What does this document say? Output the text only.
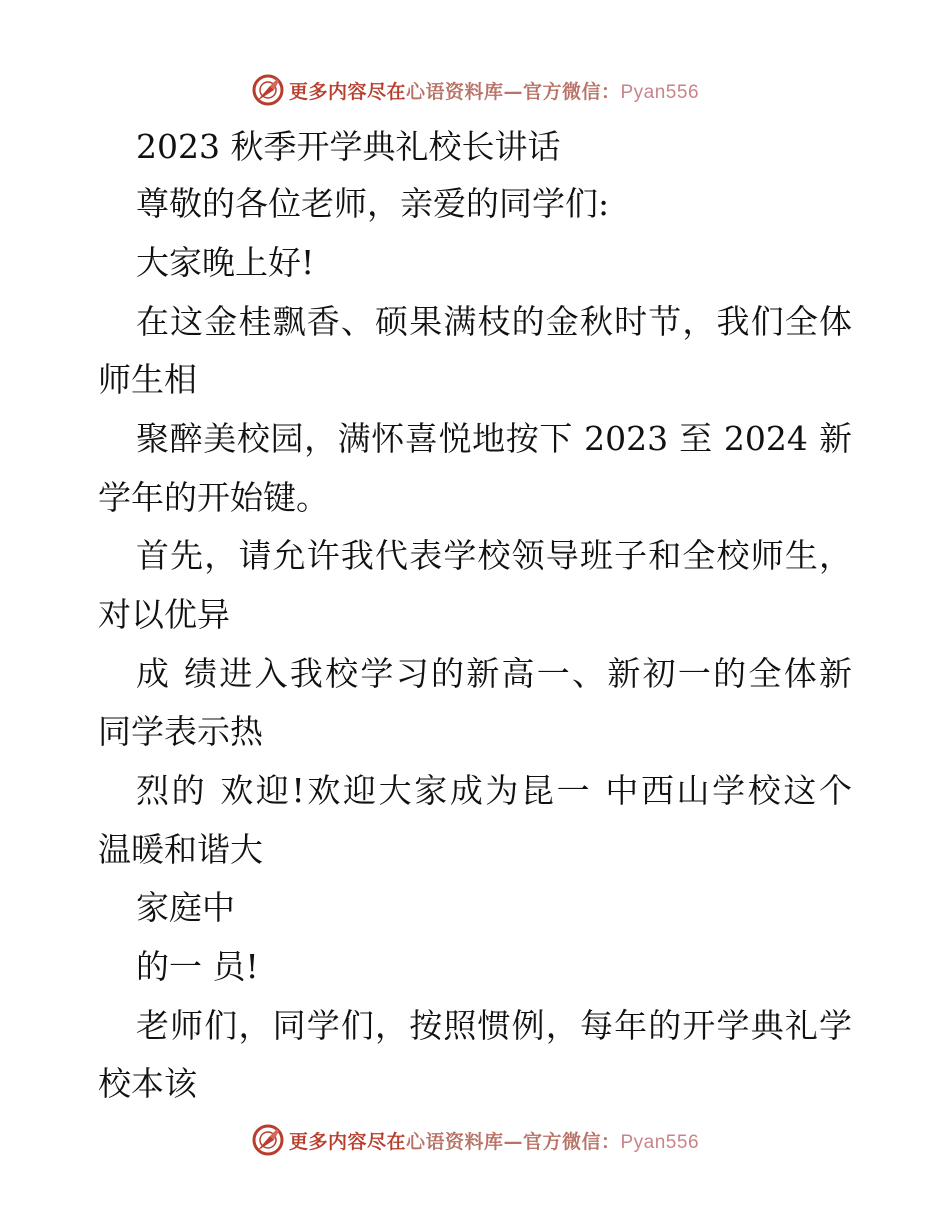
更多内容尽在心语资料库—官方微信：Pyan556
2023 秋季开学典礼校长讲话
尊敬的各位老师，亲爱的同学们:
大家晚上好!
在这金桂飘香、硕果满枝的金秋时节，我们全体
师生相
聚醉美校园，满怀喜悦地按下 2023 至 2024 新
学年的开始键。
首先，请允许我代表学校领导班子和全校师生，
对以优异
成 绩进入我校学习的新高一、新初一的全体新
同学表示热
烈的 欢迎!欢迎大家成为昆一 中西山学校这个
温暖和谐大
家庭中
的一 员!
老师们，同学们，按照惯例，每年的开学典礼学
校本该
更多内容尽在心语资料库—官方微信：Pyan556
